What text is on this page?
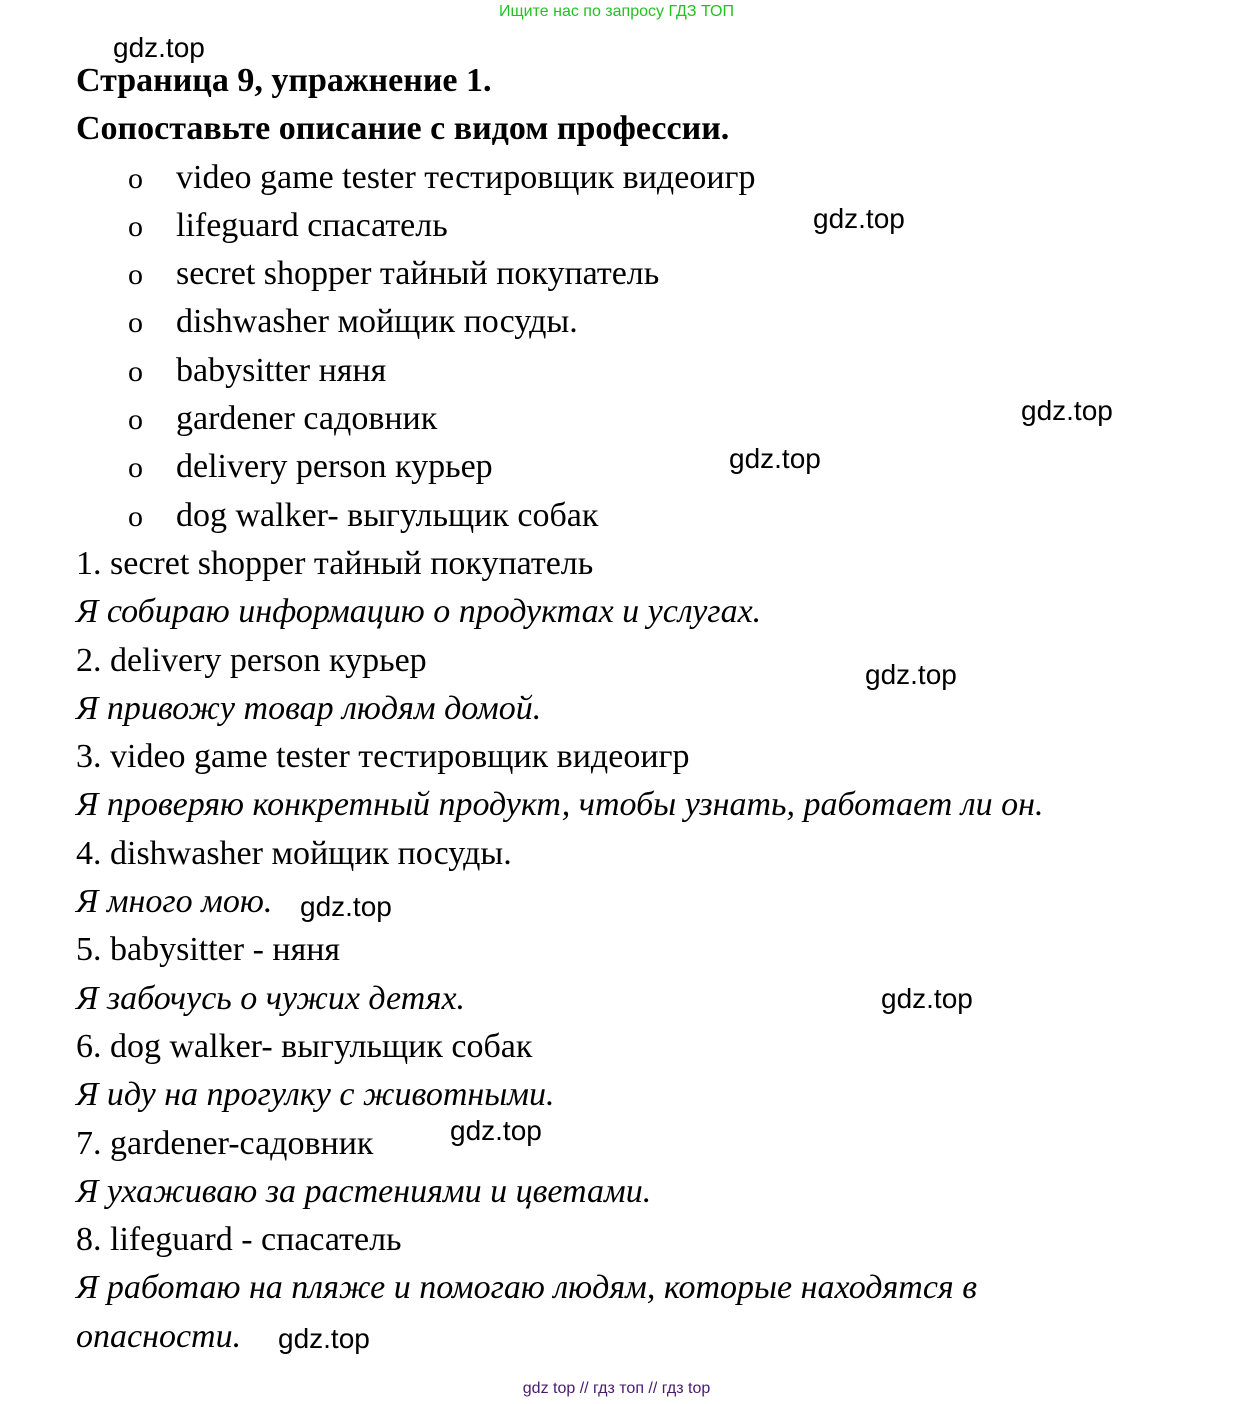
Ищите нас по запросу ГДЗ ТОП
gdz.top
gdz.top
gdz.top
gdz.top
gdz.top
gdz.top
gdz.top
gdz.top
gdz.top
Страница 9, упражнение 1.
Сопоставьте описание с видом профессии.
o video game tester тестировщик видеоигр
o lifeguard спасатель
o secret shopper тайный покупатель
o dishwasher мойщик посуды.
o babysitter няня
o gardener садовник
o delivery person курьер
o dog walker- выгульщик собак
1. secret shopper тайный покупатель
Я собираю информацию о продуктах и услугах.
2. delivery person курьер
Я привожу товар людям домой.
3. video game tester тестировщик видеоигр
Я проверяю конкретный продукт, чтобы узнать, работает ли он.
4. dishwasher мойщик посуды.
Я много мою.
5. babysitter - няня
Я забочусь о чужих детях.
6. dog walker- выгульщик собак
Я иду на прогулку с животными.
7. gardener-садовник
Я ухаживаю за растениями и цветами.
8. lifeguard - спасатель
Я работаю на пляже и помогаю людям, которые находятся в
опасности.
gdz top // гдз топ // гдз top
